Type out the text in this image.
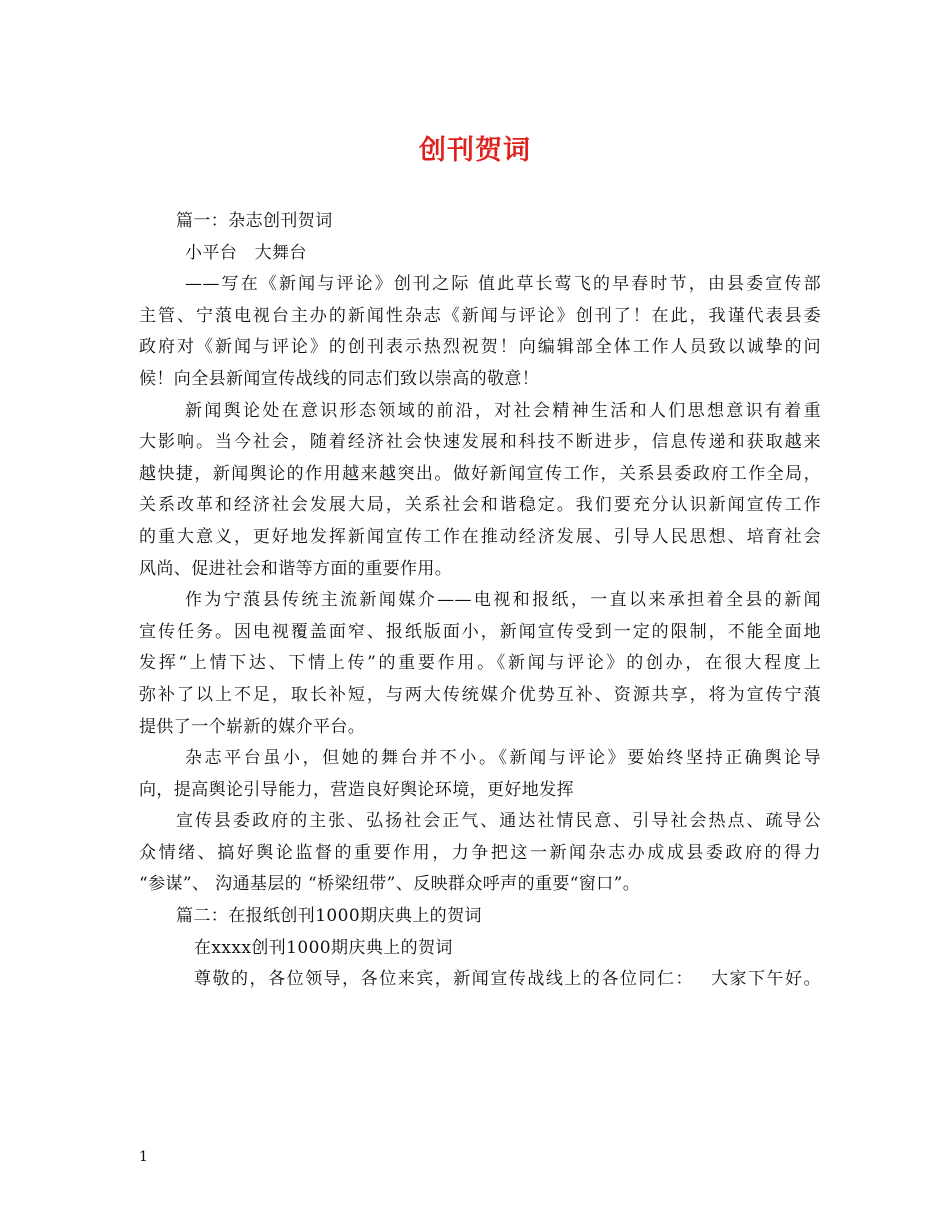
创刊贺词
篇一：杂志创刊贺词
小平台　大舞台
——写在《新闻与评论》创刊之际 值此草长莺飞的早春时节，由县委宣传部
主管、宁蒗电视台主办的新闻性杂志《新闻与评论》创刊了！在此，我谨代表县委
政府对《新闻与评论》的创刊表示热烈祝贺！向编辑部全体工作人员致以诚挚的问
候！向全县新闻宣传战线的同志们致以崇高的敬意！
新闻舆论处在意识形态领域的前沿，对社会精神生活和人们思想意识有着重
大影响。当今社会，随着经济社会快速发展和科技不断进步，信息传递和获取越来
越快捷，新闻舆论的作用越来越突出。做好新闻宣传工作，关系县委政府工作全局，
关系改革和经济社会发展大局，关系社会和谐稳定。我们要充分认识新闻宣传工作
的重大意义，更好地发挥新闻宣传工作在推动经济发展、引导人民思想、培育社会
风尚、促进社会和谐等方面的重要作用。
作为宁蒗县传统主流新闻媒介——电视和报纸，一直以来承担着全县的新闻
宣传任务。因电视覆盖面窄、报纸版面小，新闻宣传受到一定的限制，不能全面地
发挥“上情下达、下情上传”的重要作用。《新闻与评论》的创办，在很大程度上
弥补了以上不足，取长补短，与两大传统媒介优势互补、资源共享，将为宣传宁蒗
提供了一个崭新的媒介平台。
杂志平台虽小，但她的舞台并不小。《新闻与评论》要始终坚持正确舆论导
向，提高舆论引导能力，营造良好舆论环境，更好地发挥
宣传县委政府的主张、弘扬社会正气、通达社情民意、引导社会热点、疏导公
众情绪、搞好舆论监督的重要作用，力争把这一新闻杂志办成成县委政府的得力
“参谋”、 沟通基层的 “桥梁纽带”、反映群众呼声的重要“窗口”。
篇二：在报纸创刊1000期庆典上的贺词
在xxxx创刊1000期庆典上的贺词
尊敬的，各位领导，各位来宾，新闻宣传战线上的各位同仁：　 大家下午好。
1
